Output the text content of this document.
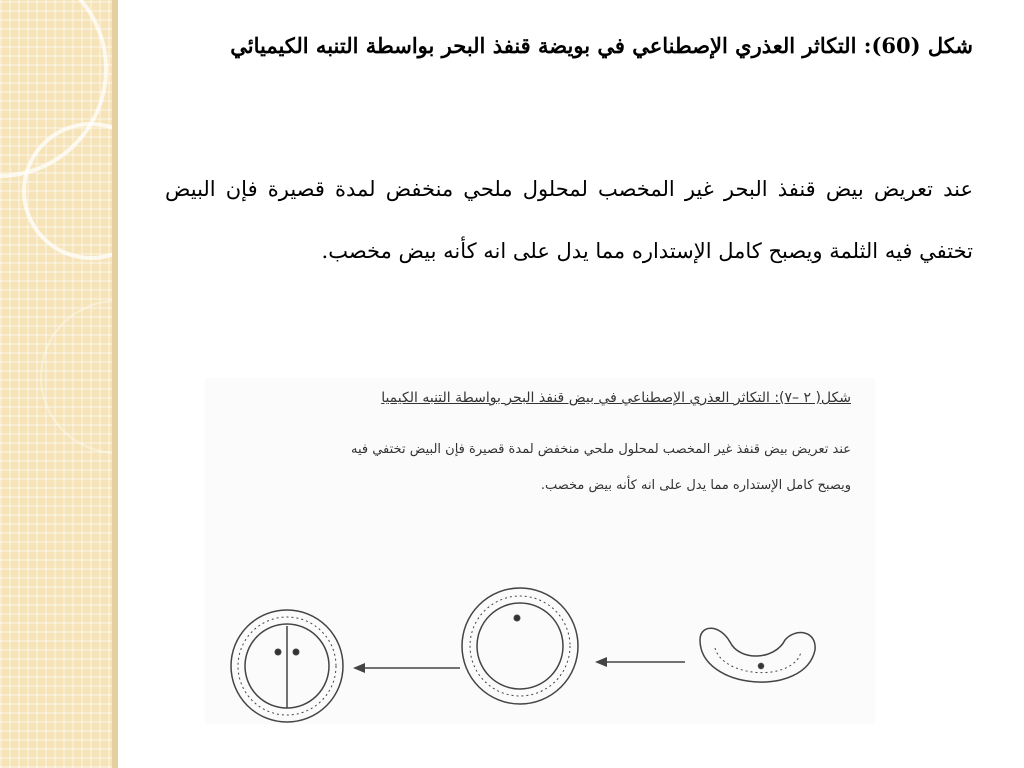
شكل (60): التكاثر العذري الإصطناعي في بويضة قنفذ البحر بواسطة التنبه الكيميائي
عند تعريض بيض قنفذ البحر غير المخصب لمحلول ملحي منخفض لمدة قصيرة فإن البيض تختفي فيه الثلمة ويصبح كامل الإستداره مما يدل على انه كأنه بيض مخصب.
شكل( ٢ –٧): التكاثر العذري الإصطناعي في بيض قنفذ البحر بواسطة التنبه الكيميا
عند تعريض بيض قنفذ غير المخصب لمحلول ملحي منخفض لمدة قصيرة فإن البيض تختفي فيه
ويصبح كامل الإستداره مما يدل على انه كأنه بيض مخصب.
